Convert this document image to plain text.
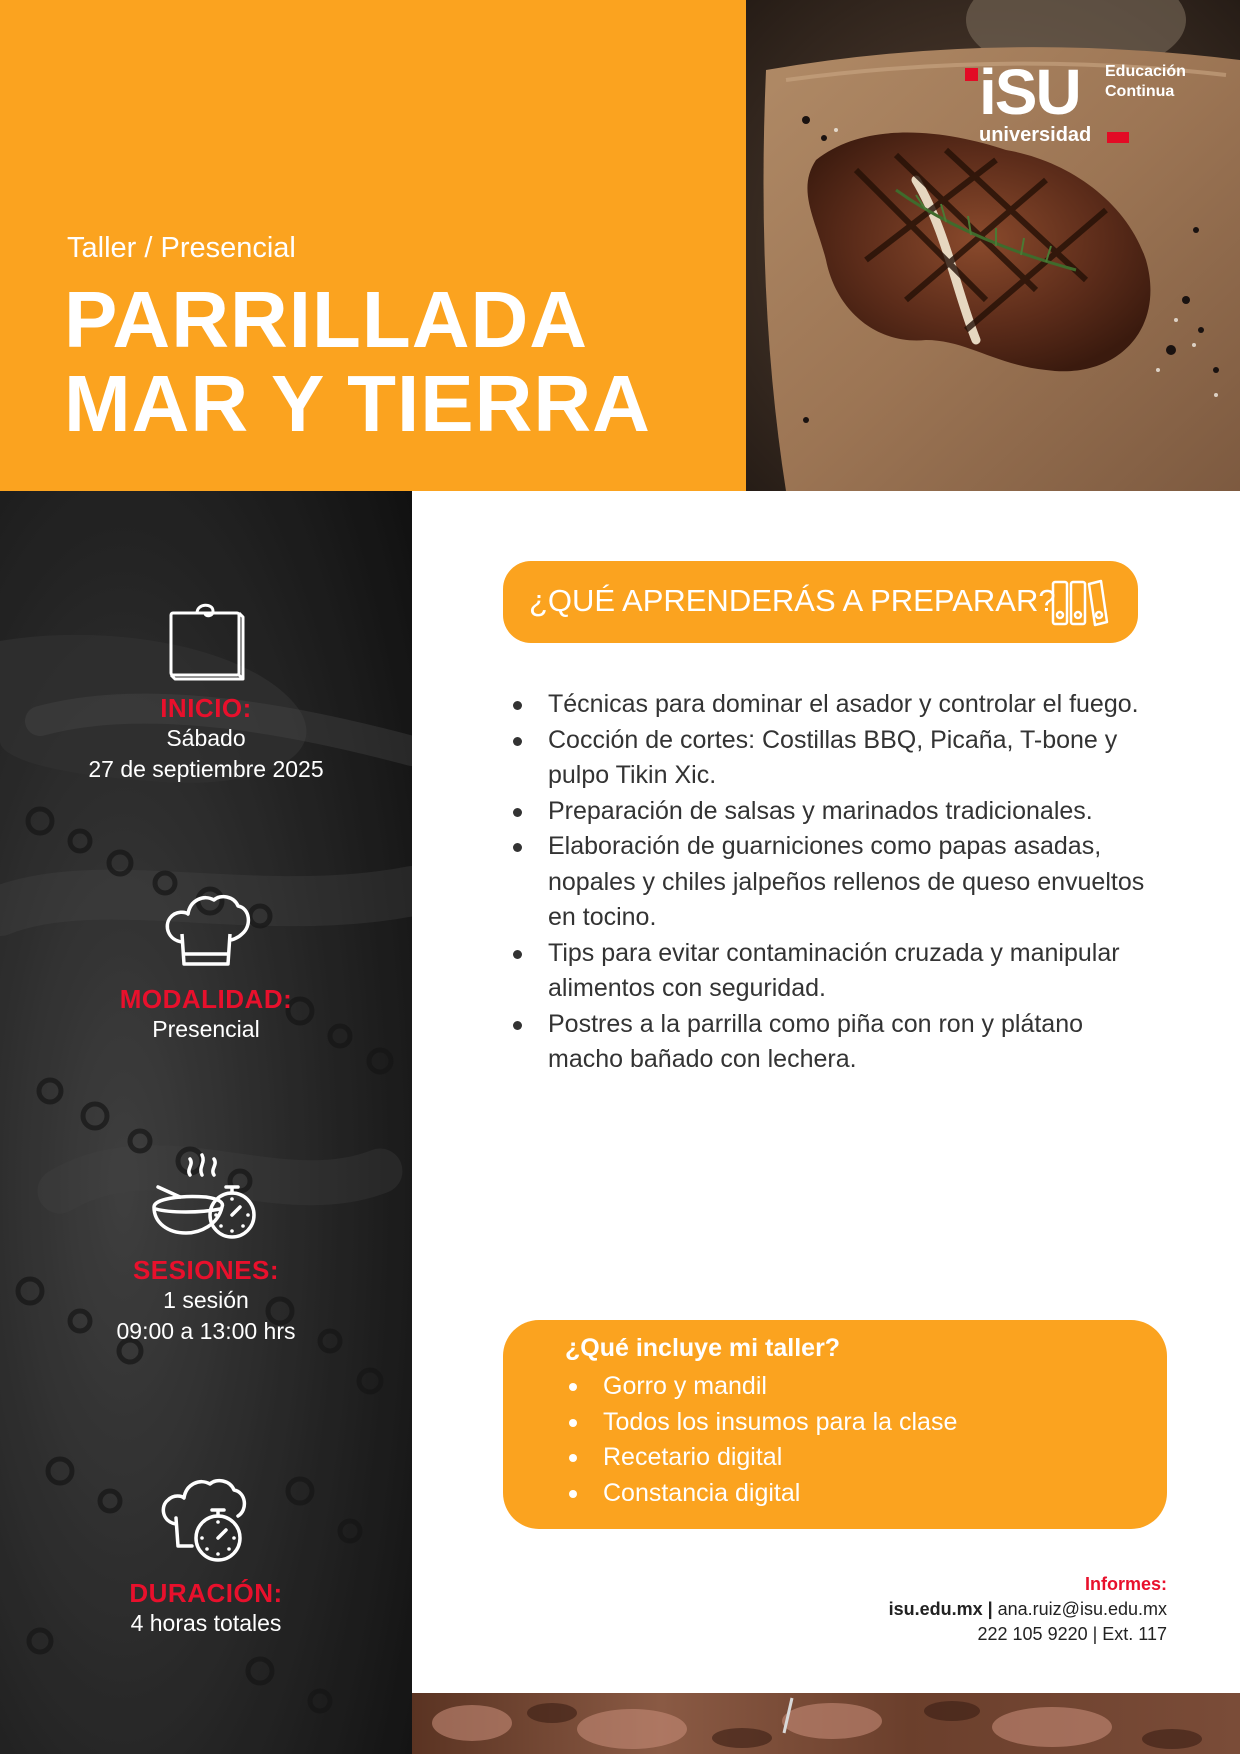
Taller / Presencial
PARRILLADA
MAR Y TIERRA
iSU
universidad
Educación
Continua
INICIO:
Sábado
27 de septiembre 2025
MODALIDAD:
Presencial
SESIONES:
1 sesión
09:00 a 13:00 hrs
DURACIÓN:
4 horas totales
¿QUÉ APRENDERÁS A PREPARAR?
Técnicas para dominar el asador y controlar el fuego.
Cocción de cortes: Costillas BBQ, Picaña, T-bone y pulpo Tikin Xic.
Preparación de salsas y marinados tradicionales.
Elaboración de guarniciones como papas asadas, nopales y chiles jalpeños rellenos de queso envueltos en tocino.
Tips para evitar contaminación cruzada y manipular alimentos con seguridad.
Postres a la parrilla como piña con ron y plátano macho bañado con lechera.
¿Qué incluye mi taller?
Gorro y mandil
Todos los insumos para la clase
Recetario digital
Constancia digital
Informes:
isu.edu.mx | ana.ruiz@isu.edu.mx
222 105 9220 | Ext. 117
